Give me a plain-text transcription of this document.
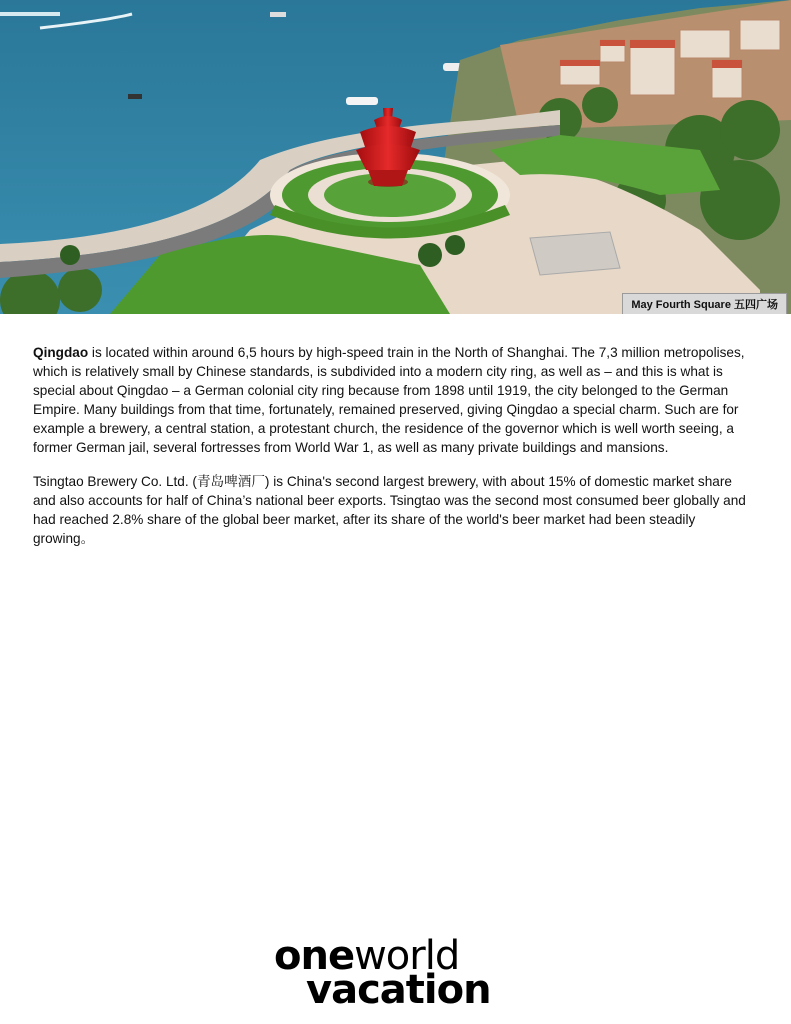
May Fourth Square 五四广场

Qingdao is located within around 6,5 hours by high-speed train in the North of Shanghai. The 7,3 million metropolises, which is relatively small by Chinese standards, is subdivided into a modern city ring, as well as – and this is what is special about Qingdao – a German colonial city ring because from 1898 until 1919, the city belonged to the German Empire. Many buildings from that time, fortunately, remained preserved, giving Qingdao a special charm. Such are for example a brewery, a central station, a protestant church, the residence of the governor which is well worth seeing, a former German jail, several fortresses from World War 1, as well as many private buildings and mansions.

Tsingtao Brewery Co. Ltd. (青岛啤酒厂) is China's second largest brewery, with about 15% of domestic market share and also accounts for half of China’s national beer exports. Tsingtao was the second most consumed beer globally and had reached 2.8% share of the global beer market, after its share of the world's beer market had been steadily growing。

oneworld
vacation
